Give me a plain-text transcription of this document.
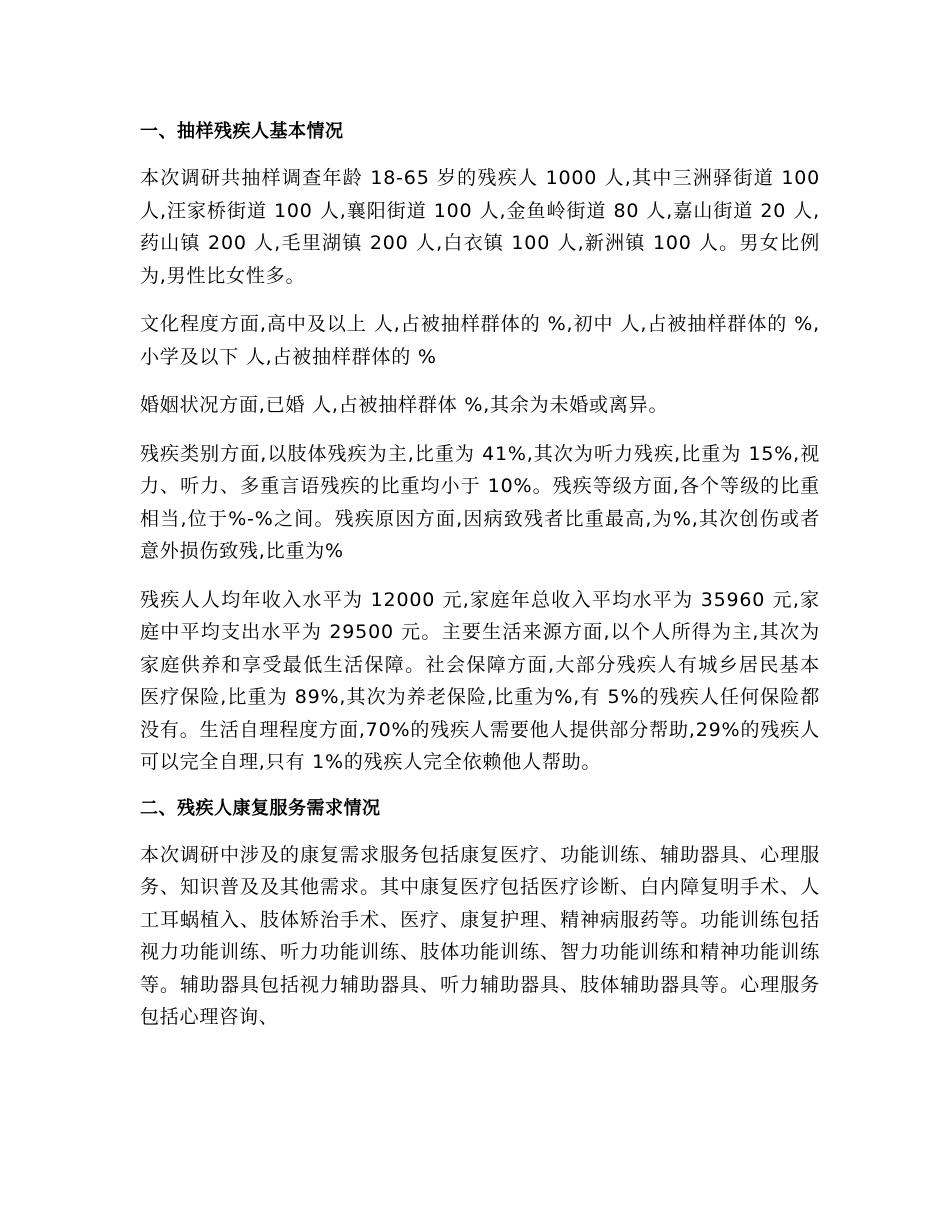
一、抽样残疾人基本情况

本次调研共抽样调查年龄 18-65 岁的残疾人 1000 人,其中三洲驿街道 100 人,汪家桥街道 100 人,襄阳街道 100 人,金鱼岭街道 80 人,嘉山街道 20 人,药山镇 200 人,毛里湖镇 200 人,白衣镇 100 人,新洲镇 100 人。男女比例为,男性比女性多。

文化程度方面,高中及以上 人,占被抽样群体的 %,初中 人,占被抽样群体的 %,小学及以下 人,占被抽样群体的 %

婚姻状况方面,已婚 人,占被抽样群体 %,其余为未婚或离异。

残疾类别方面,以肢体残疾为主,比重为 41%,其次为听力残疾,比重为 15%,视力、听力、多重言语残疾的比重均小于 10%。残疾等级方面,各个等级的比重相当,位于%-%之间。残疾原因方面,因病致残者比重最高,为%,其次创伤或者意外损伤致残,比重为%

残疾人人均年收入水平为 12000 元,家庭年总收入平均水平为 35960 元,家庭中平均支出水平为 29500 元。主要生活来源方面,以个人所得为主,其次为家庭供养和享受最低生活保障。社会保障方面,大部分残疾人有城乡居民基本医疗保险,比重为 89%,其次为养老保险,比重为%,有 5%的残疾人任何保险都没有。生活自理程度方面,70%的残疾人需要他人提供部分帮助,29%的残疾人可以完全自理,只有 1%的残疾人完全依赖他人帮助。

二、残疾人康复服务需求情况

本次调研中涉及的康复需求服务包括康复医疗、功能训练、辅助器具、心理服务、知识普及及其他需求。其中康复医疗包括医疗诊断、白内障复明手术、人工耳蜗植入、肢体矫治手术、医疗、康复护理、精神病服药等。功能训练包括视力功能训练、听力功能训练、肢体功能训练、智力功能训练和精神功能训练等。辅助器具包括视力辅助器具、听力辅助器具、肢体辅助器具等。心理服务包括心理咨询、
